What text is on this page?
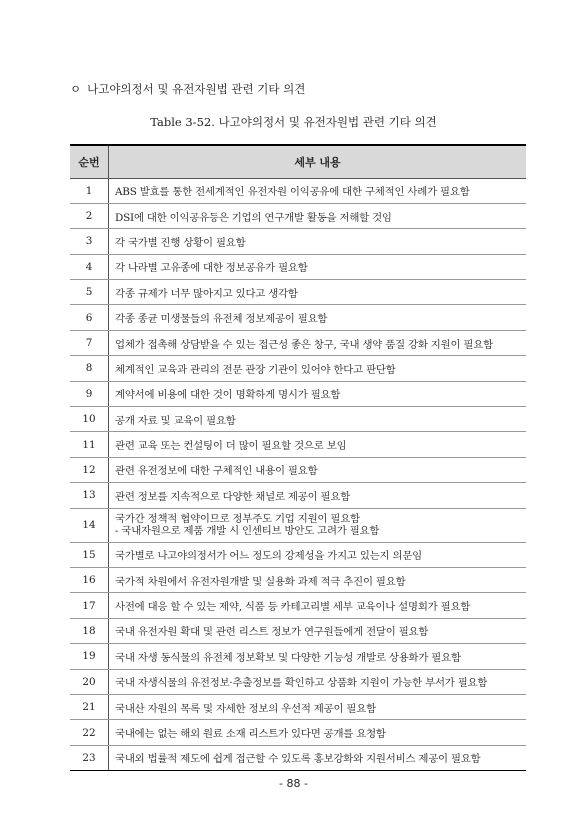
ㅇ 나고야의정서 및 유전자원법 관련 기타 의견
Table 3-52. 나고야의정서 및 유전자원법 관련 기타 의견
순번	세부 내용
1	ABS 발효를 통한 전세계적인 유전자원 이익공유에 대한 구체적인 사례가 필요함

2	DSI에 대한 이익공유등은 기업의 연구개발 활동을 저해할 것임

3	각 국가별 진행 상황이 필요함

4	각 나라별 고유종에 대한 정보공유가 필요함

5	각종 규제가 너무 많아지고 있다고 생각함

6	각종 종균 미생물들의 유전체 정보제공이 필요함

7	업체가 접촉해 상담받을 수 있는 접근성 좋은 창구, 국내 생약 품질 강화 지원이 필요함

8	체계적인 교육과 관리의 전문 관장 기관이 있어야 한다고 판단함

9	계약서에 비용에 대한 것이 명확하게 명시가 필요함

10	공개 자료 및 교육이 필요함

11	관련 교육 또는 컨설팅이 더 많이 필요할 것으로 보임

12	관련 유전정보에 대한 구체적인 내용이 필요함

13	관련 정보를 지속적으로 다양한 채널로 제공이 필요함

14	국가간 정책적 협약이므로 정부주도 기업 지원이 필요함
- 국내자원으로 제품 개발 시 인센티브 방안도 고려가 필요함

15	국가별로 나고야의정서가 어느 정도의 강제성을 가지고 있는지 의문임

16	국가적 차원에서 유전자원개발 및 실용화 과제 적극 추진이 필요함

17	사전에 대응 할 수 있는 제약, 식품 등 카테고리별 세부 교육이나 설명회가 필요함

18	국내 유전자원 확대 및 관련 리스트 정보가 연구원들에게 전달이 필요함

19	국내 자생 동식물의 유전체 정보확보 및 다양한 기능성 개발로 상용화가 필요함

20	국내 자생식물의 유전정보·추출정보를 확인하고 상품화 지원이 가능한 부서가 필요함

21	국내산 자원의 목록 및 자세한 정보의 우선적 제공이 필요함

22	국내에는 없는 해외 원료 소재 리스트가 있다면 공개를 요청함

23	국내외 법률적 제도에 쉽게 접근할 수 있도록 홍보강화와 지원서비스 제공이 필요함
- 88 -
